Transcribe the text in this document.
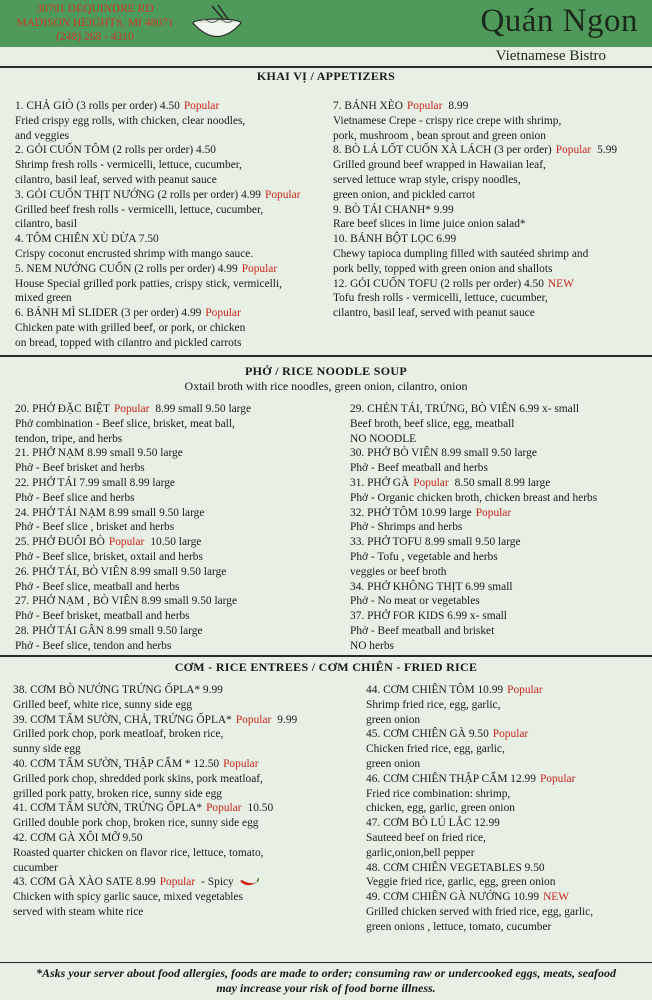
30701 DEQUINDRE RD
MADISON HEIGHTS, MI 48071
(248) 268 - 4310	Quán Ngon
Vietnamese Bistro
KHAI VỊ / APPETIZERS
1. CHẢ GIÒ (3 rolls per order) 4.50 Popular
Fried crispy egg rolls, with chicken, clear noodles,
and veggies
2. GỎI CUỐN TÔM (2 rolls per order) 4.50
Shrimp fresh rolls - vermicelli, lettuce, cucumber,
cilantro, basil leaf, served with peanut sauce
3. GỎI CUỐN THỊT NƯỚNG (2 rolls per order) 4.99 Popular
Grilled beef fresh rolls - vermicelli, lettuce, cucumber,
cilantro, basil
4. TÔM CHIÊN XÙ DỪA 7.50
Crispy coconut encrusted shrimp with mango sauce.
5. NEM NƯỚNG CUỐN (2 rolls per order) 4.99 Popular
House Special grilled pork patties, crispy stick, vermicelli,
mixed green
6. BÁNH MÌ SLIDER (3 per order) 4.99 Popular
Chicken pate with grilled beef, or pork, or chicken
on bread, topped with cilantro and pickled carrots
7. BÁNH XÈO Popular 8.99
Vietnamese Crepe - crispy rice crepe with shrimp,
pork, mushroom , bean sprout and green onion
8. BÒ LÁ LỐT CUỐN XÀ LÁCH (3 per order) Popular 5.99
Grilled ground beef wrapped in Hawaiian leaf,
served lettuce wrap style, crispy noodles,
green onion, and pickled carrot
9. BÒ TÁI CHANH* 9.99
Rare beef slices in lime juice onion salad*
10. BÁNH BỘT LỌC 6.99
Chewy tapioca dumpling filled with sautéed shrimp and
pork belly, topped with green onion and shallots
12. GỎI CUỐN TOFU (2 rolls per order) 4.50 NEW
Tofu fresh rolls - vermicelli, lettuce, cucumber,
cilantro, basil leaf, served with peanut sauce
PHỞ / RICE NOODLE SOUP
Oxtail broth with rice noodles, green onion, cilantro, onion
20. PHỞ ĐẶC BIỆT Popular 8.99 small 9.50 large
Phở combination - Beef slice, brisket, meat ball,
tendon, tripe, and herbs
21. PHỞ NẠM 8.99 small 9.50 large
Phở - Beef brisket and herbs
22. PHỞ TÁI 7.99 small 8.99 large
Phở - Beef slice and herbs
24. PHỞ TÁI NẠM 8.99 small 9.50 large
Phở - Beef slice , brisket and herbs
25. PHỞ ĐUÔI BÒ Popular 10.50 large
Phở - Beef slice, brisket, oxtail and herbs
26. PHỞ TÁI, BÒ VIÊN 8.99 small 9.50 large
Phở - Beef slice, meatball and herbs
27. PHỞ NẠM , BÒ VIÊN 8.99 small 9.50 large
Phở - Beef brisket, meatball and herbs
28. PHỞ TÁI GÂN 8.99 small 9.50 large
Phở - Beef slice, tendon and herbs
29. CHÉN TÁI, TRỨNG, BÒ VIÊN 6.99 x- small
Beef broth, beef slice, egg, meatball
NO NOODLE
30. PHỞ BÒ VIÊN 8.99 small 9.50 large
Phở - Beef meatball and herbs
31. PHỞ GÀ Popular 8.50 small 8.99 large
Phở - Organic chicken broth, chicken breast and herbs
32. PHỞ TÔM 10.99 large Popular
Phở - Shrimps and herbs
33. PHỞ TOFU 8.99 small 9.50 large
Phở - Tofu , vegetable and herbs
veggies or beef broth
34. PHỞ KHÔNG THỊT 6.99 small
Phở - No meat or vegetables
37. PHỞ FOR KIDS 6.99 x- small
Phở - Beef meatball and brisket
NO herbs
CƠM - RICE ENTREES / CƠM CHIÊN - FRIED RICE
38. CƠM BÒ NƯỚNG TRỨNG ỐPLA* 9.99
Grilled beef, white rice, sunny side egg
39. CƠM TẤM SƯỜN, CHẢ, TRỨNG ỐPLA* Popular 9.99
Grilled pork chop, pork meatloaf, broken rice,
sunny side egg
40. CƠM TẤM SƯỜN, THẬP CẨM * 12.50 Popular
Grilled pork chop, shredded pork skins, pork meatloaf,
grilled pork patty, broken rice, sunny side egg
41. CƠM TẤM SƯỜN, TRỨNG ỐPLA* Popular 10.50
Grilled double pork chop, broken rice, sunny side egg
42. CƠM GÀ XÔI MỠ 9.50
Roasted quarter chicken on flavor rice, lettuce, tomato,
cucumber
43. CƠM GÀ XÀO SATE 8.99 Popular - Spicy
Chicken with spicy garlic sauce, mixed vegetables
served with steam white rice
44. CƠM CHIÊN TÔM 10.99 Popular
Shrimp fried rice, egg, garlic,
green onion
45. CƠM CHIÊN GÀ 9.50 Popular
Chicken fried rice, egg, garlic,
green onion
46. CƠM CHIÊN THẬP CẨM 12.99 Popular
Fried rice combination: shrimp,
chicken, egg, garlic, green onion
47. CƠM BÒ LÚ LẮC 12.99
Sauteed beef on fried rice,
garlic,onion,bell pepper
48. CƠM CHIÊN VEGETABLES 9.50
Veggie fried rice, garlic, egg, green onion
49. CƠM CHIÊN GÀ NƯỚNG 10.99 NEW
Grilled chicken served with fried rice, egg, garlic,
green onions , lettuce, tomato, cucumber
*Asks your server about food allergies, foods are made to order; consuming raw or undercooked eggs, meats, seafood
may increase your risk of food borne illness.
